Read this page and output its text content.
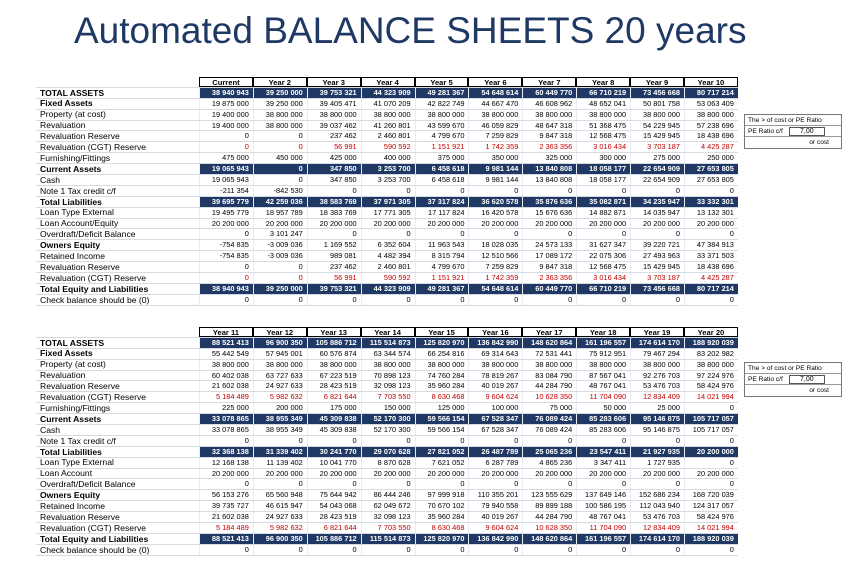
Automated BALANCE SHEETS 20 years
Current	Year 2	Year 3	Year 4	Year 5	Year 6	Year 7	Year 8	Year 9	Year 10
TOTAL ASSETS	38 940 943	39 250 000	39 753 321	44 323 909	49 281 367	54 648 614	60 449 770	66 710 219	73 456 668	80 717 214
Fixed Assets	19 875 000	39 250 000	39 405 471	41 070 209	42 822 749	44 667 470	46 608 962	48 652 041	50 801 758	53 063 409
Property (at cost)	19 400 000	38 800 000	38 800 000	38 800 000	38 800 000	38 800 000	38 800 000	38 800 000	38 800 000	38 800 000
Revaluation	19 400 000	38 800 000	39 037 462	41 260 801	43 599 670	46 059 829	48 647 318	51 368 475	54 229 945	57 238 696
Revaluation Reserve	0	0	237 462	2 460 801	4 799 670	7 259 829	9 847 318	12 568 475	15 429 945	18 438 696
Revaluation (CGT) Reserve	0	0	56 991	590 592	1 151 921	1 742 359	2 363 356	3 016 434	3 703 187	4 425 287
Furnishing/Fittings	475 000	450 000	425 000	400 000	375 000	350 000	325 000	300 000	275 000	250 000
Current Assets	19 065 943	0	347 850	3 253 700	6 458 618	9 981 144	13 840 808	18 058 177	22 654 909	27 653 805
Cash	19 065 943	0	347 850	3 253 700	6 458 618	9 981 144	13 840 808	18 058 177	22 654 909	27 653 805
Note 1 Tax credit c/f	-211 354	-842 530	0	0	0	0	0	0	0	0
Total Liabilities	39 695 779	42 259 036	38 583 769	37 971 305	37 317 824	36 620 578	35 876 636	35 082 871	34 235 947	33 332 301
Loan Type External	19 495 779	18 957 789	18 383 769	17 771 305	17 117 824	16 420 578	15 676 636	14 882 871	14 035 947	13 132 301
Loan Account/Equity	20 200 000	20 200 000	20 200 000	20 200 000	20 200 000	20 200 000	20 200 000	20 200 000	20 200 000	20 200 000
Overdraft/Deficit Balance	0	3 101 247	0	0	0	0	0	0	0	0
Owners Equity	-754 835	-3 009 036	1 169 552	6 352 604	11 963 543	18 028 035	24 573 133	31 627 347	39 220 721	47 384 913
Retained Income	-754 835	-3 009 036	989 081	4 482 394	8 315 794	12 510 566	17 089 172	22 075 306	27 493 963	33 371 503
Revaluation Reserve	0	0	237 462	2 460 801	4 799 670	7 259 829	9 847 318	12 568 475	15 429 945	18 438 696
Revaluation (CGT) Reserve	0	0	56 991	590 592	1 151 921	1 742 359	2 363 356	3 016 434	3 703 187	4 425 287
Total Equity and Liabilities	38 940 943	39 250 000	39 753 321	44 323 909	49 281 367	54 648 614	60 449 770	66 710 219	73 456 668	80 717 214
Check balance should be (0)	0	0	0	0	0	0	0	0	0	0
Year 11	Year 12	Year 13	Year 14	Year 15	Year 16	Year 17	Year 18	Year 19	Year 20
TOTAL ASSETS	88 521 413	96 900 350	105 886 712	115 514 873	125 820 970	136 842 990	148 620 864	161 196 557	174 614 170	188 920 039
Fixed Assets	55 442 549	57 945 001	60 576 874	63 344 574	66 254 816	69 314 643	72 531 441	75 912 951	79 467 294	83 202 982
Property (at cost)	38 800 000	38 800 000	38 800 000	38 800 000	38 800 000	38 800 000	38 800 000	38 800 000	38 800 000	38 800 000
Revaluation	60 402 038	63 727 633	67 223 519	70 898 123	74 760 284	78 819 267	83 084 790	87 567 041	92 276 703	97 224 976
Revaluation Reserve	21 602 038	24 927 633	28 423 519	32 098 123	35 960 284	40 019 267	44 284 790	48 767 041	53 476 703	58 424 976
Revaluation (CGT) Reserve	5 184 489	5 982 632	6 821 644	7 703 550	8 630 468	9 604 624	10 628 350	11 704 090	12 834 409	14 021 994
Furnishing/Fittings	225 000	200 000	175 000	150 000	125 000	100 000	75 000	50 000	25 000	0
Current Assets	33 078 865	38 955 349	45 309 838	52 170 300	59 566 154	67 528 347	76 089 424	85 283 606	95 146 875	105 717 057
Cash	33 078 865	38 955 349	45 309 838	52 170 300	59 566 154	67 528 347	76 089 424	85 283 606	95 146 875	105 717 057
Note 1 Tax credit c/f	0	0	0	0	0	0	0	0	0	0
Total Liabilities	32 368 138	31 339 402	30 241 770	29 070 628	27 821 052	26 487 789	25 065 236	23 547 411	21 927 935	20 200 000
Loan Type External	12 168 138	11 139 402	10 041 770	8 870 628	7 621 052	6 287 789	4 865 236	3 347 411	1 727 935	0
Loan Account	20 200 000	20 200 000	20 200 000	20 200 000	20 200 000	20 200 000	20 200 000	20 200 000	20 200 000	20 200 000
Overdraft/Deficit Balance	0	0	0	0	0	0	0	0	0	0
Owners Equity	56 153 276	65 560 948	75 644 942	86 444 246	97 999 918	110 355 201	123 555 629	137 649 146	152 686 234	168 720 039
Retained Income	39 735 727	46 615 947	54 043 068	62 049 672	70 670 102	79 940 558	89 899 188	100 586 195	112 043 940	124 317 057
Revaluation Reserve	21 602 038	24 927 633	28 423 519	32 098 123	35 960 284	40 019 267	44 284 790	48 767 041	53 476 703	58 424 976
Revaluation (CGT) Reserve	5 184 489	5 982 632	6 821 644	7 703 550	8 630 468	9 604 624	10 628 350	11 704 090	12 834 409	14 021 994
Total Equity and Liabilities	88 521 413	96 900 350	105 886 712	115 514 873	125 820 970	136 842 990	148 620 864	161 196 557	174 614 170	188 920 039
Check balance should be (0)	0	0	0	0	0	0	0	0	0	0
The > of cost or PE Ratio
PE Ratio c/f	7,00
or cost
The > of cost or PE Ratio
PE Ratio c/f	7,00
or cost
